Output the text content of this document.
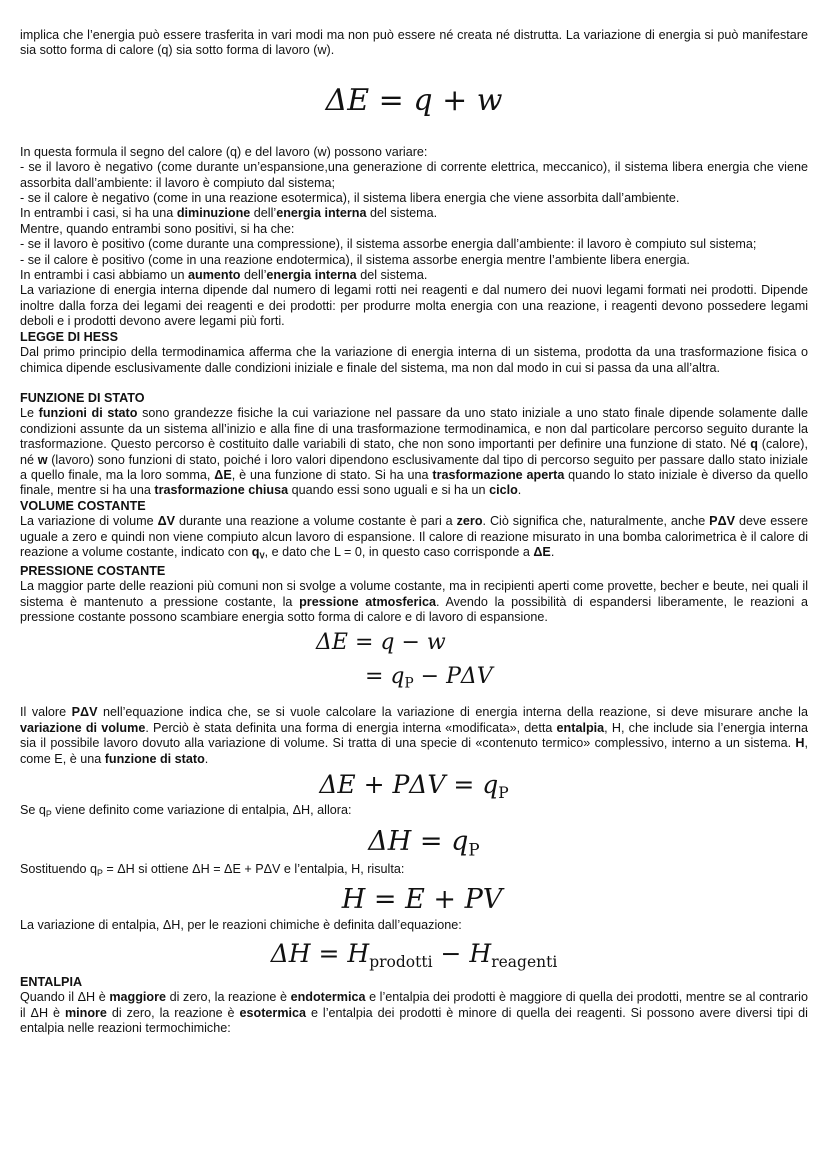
implica che l’energia può essere trasferita in vari modi ma non può essere né creata né distrutta. La variazione di energia si può manifestare sia sotto forma di calore (q) sia sotto forma di lavoro (w).

ΔE = q + w

In questa formula il segno del calore (q) e del lavoro (w) possono variare:

- se il lavoro è negativo (come durante un’espansione,una generazione di corrente elettrica, meccanico), il sistema libera energia che viene assorbita dall’ambiente: il lavoro è compiuto dal sistema;

- se il calore è negativo (come in una reazione esotermica), il sistema libera energia che viene assorbita dall’ambiente.

In entrambi i casi, si ha una diminuzione dell’energia interna del sistema.

Mentre, quando entrambi sono positivi, si ha che:

- se il lavoro è positivo (come durante una compressione), il sistema assorbe energia dall’ambiente: il lavoro è compiuto sul sistema;

- se il calore è positivo (come in una reazione endotermica), il sistema assorbe energia mentre l’ambiente libera energia.

In entrambi i casi abbiamo un aumento dell’energia interna del sistema.

La variazione di energia interna dipende dal numero di legami rotti nei reagenti e dal numero dei nuovi legami formati nei prodotti. Dipende inoltre dalla forza dei legami dei reagenti e dei prodotti: per produrre molta energia con una reazione, i reagenti devono possedere legami deboli e i prodotti devono avere legami più forti.

LEGGE DI HESS

Dal primo principio della termodinamica afferma che la variazione di energia interna di un sistema, prodotta da una trasformazione fisica o chimica dipende esclusivamente dalle condizioni iniziale e finale del sistema, ma non dal modo in cui si passa da una all’altra.

FUNZIONE DI STATO

Le funzioni di stato sono grandezze fisiche la cui variazione nel passare da uno stato iniziale a uno stato finale dipende solamente dalle condizioni assunte da un sistema all’inizio e alla fine di una trasformazione termodinamica, e non dal particolare percorso seguito durante la trasformazione. Questo percorso è costituito dalle variabili di stato, che non sono importanti per definire una funzione di stato. Né q (calore), né w (lavoro) sono funzioni di stato, poiché i loro valori dipendono esclusivamente dal tipo di percorso seguito per passare dallo stato iniziale a quello finale, ma la loro somma, ΔE, è una funzione di stato. Si ha una trasformazione aperta quando lo stato iniziale è diverso da quello finale, mentre si ha una trasformazione chiusa quando essi sono uguali e si ha un ciclo.

VOLUME COSTANTE

La variazione di volume ΔV durante una reazione a volume costante è pari a zero. Ciò significa che, naturalmente, anche PΔV deve essere uguale a zero e quindi non viene compiuto alcun lavoro di espansione. Il calore di reazione misurato in una bomba calorimetrica è il calore di reazione a volume costante, indicato con $q_V$, e dato che L = 0, in questo caso corrisponde a ΔE.

PRESSIONE COSTANTE

La maggior parte delle reazioni più comuni non si svolge a volume costante, ma in recipienti aperti come provette, becher e beute, nei quali il sistema è mantenuto a pressione costante, la pressione atmosferica. Avendo la possibilità di espandersi liberamente, le reazioni a pressione costante possono scambiare energia sotto forma di calore e di lavoro di espansione.

ΔE = q − w
= $q_P - P\Delta V$

Il valore PΔV nell’equazione indica che, se si vuole calcolare la variazione di energia interna della reazione, si deve misurare anche la variazione di volume. Perciò è stata definita una forma di energia interna «modificata», detta entalpia, H, che include sia l’energia interna sia il possibile lavoro dovuto alla variazione di volume. Si tratta di una specie di «contenuto termico» complessivo, interno a un sistema. H, come E, è una funzione di stato.

$\Delta E + P\Delta V = q_P$

Se $q_P$ viene definito come variazione di entalpia, ΔH, allora:

$\Delta H = q_P$

Sostituendo $q_P = \Delta H$ si ottiene ΔH = ΔE + PΔV e l’entalpia, H, risulta:

H = E + PV

La variazione di entalpia, ΔH, per le reazioni chimiche è definita dall’equazione:

$\Delta H = H_{prodotti} - H_{reagenti}$
ENTALPIA

Quando il ΔH è maggiore di zero, la reazione è endotermica e l’entalpia dei prodotti è maggiore di quella dei prodotti, mentre se al contrario il ΔH è minore di zero, la reazione è esotermica e l’entalpia dei prodotti è minore di quella dei reagenti. Si possono avere diversi tipi di entalpia nelle reazioni termochimiche:
